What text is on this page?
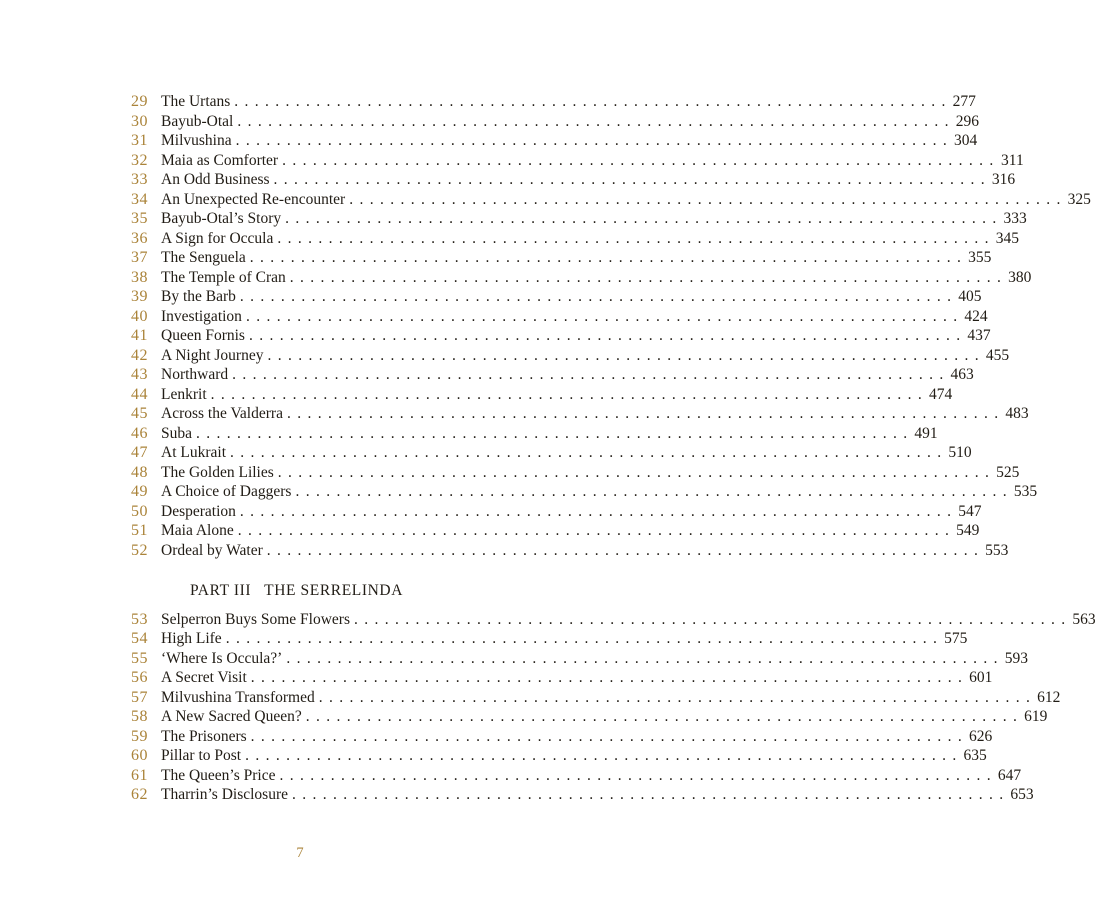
29 The Urtans . . . . . . . . . . . . . . . . . . . . . . . . . . . . . . . . . . . . . . . . . . . . . . . . . . . . . . . . . . . . . . . . . . . . . . 277
30 Bayub-Otal . . . . . . . . . . . . . . . . . . . . . . . . . . . . . . . . . . . . . . . . . . . . . . . . . . . . . . . . . . . . . . . . . . . . . . 296
31 Milvushina . . . . . . . . . . . . . . . . . . . . . . . . . . . . . . . . . . . . . . . . . . . . . . . . . . . . . . . . . . . . . . . . . . . . . . 304
32 Maia as Comforter . . . . . . . . . . . . . . . . . . . . . . . . . . . . . . . . . . . . . . . . . . . . . . . . . . . . . . . . . . . . . . . . . . . . . . 311
33 An Odd Business . . . . . . . . . . . . . . . . . . . . . . . . . . . . . . . . . . . . . . . . . . . . . . . . . . . . . . . . . . . . . . . . . . . . . . 316
34 An Unexpected Re-encounter . . . . . . . . . . . . . . . . . . . . . . . . . . . . . . . . . . . . . . . . . . . . . . . . . . . . . . . . . . . . . . . . . . . . . . 325
35 Bayub-Otal’s Story . . . . . . . . . . . . . . . . . . . . . . . . . . . . . . . . . . . . . . . . . . . . . . . . . . . . . . . . . . . . . . . . . . . . . . 333
36 A Sign for Occula . . . . . . . . . . . . . . . . . . . . . . . . . . . . . . . . . . . . . . . . . . . . . . . . . . . . . . . . . . . . . . . . . . . . . . 345
37 The Senguela . . . . . . . . . . . . . . . . . . . . . . . . . . . . . . . . . . . . . . . . . . . . . . . . . . . . . . . . . . . . . . . . . . . . . . 355
38 The Temple of Cran . . . . . . . . . . . . . . . . . . . . . . . . . . . . . . . . . . . . . . . . . . . . . . . . . . . . . . . . . . . . . . . . . . . . . . 380
39 By the Barb . . . . . . . . . . . . . . . . . . . . . . . . . . . . . . . . . . . . . . . . . . . . . . . . . . . . . . . . . . . . . . . . . . . . . . 405
40 Investigation . . . . . . . . . . . . . . . . . . . . . . . . . . . . . . . . . . . . . . . . . . . . . . . . . . . . . . . . . . . . . . . . . . . . . . 424
41 Queen Fornis . . . . . . . . . . . . . . . . . . . . . . . . . . . . . . . . . . . . . . . . . . . . . . . . . . . . . . . . . . . . . . . . . . . . . . 437
42 A Night Journey . . . . . . . . . . . . . . . . . . . . . . . . . . . . . . . . . . . . . . . . . . . . . . . . . . . . . . . . . . . . . . . . . . . . . . 455
43 Northward . . . . . . . . . . . . . . . . . . . . . . . . . . . . . . . . . . . . . . . . . . . . . . . . . . . . . . . . . . . . . . . . . . . . . . 463
44 Lenkrit . . . . . . . . . . . . . . . . . . . . . . . . . . . . . . . . . . . . . . . . . . . . . . . . . . . . . . . . . . . . . . . . . . . . . . 474
45 Across the Valderra . . . . . . . . . . . . . . . . . . . . . . . . . . . . . . . . . . . . . . . . . . . . . . . . . . . . . . . . . . . . . . . . . . . . . . 483
46 Suba . . . . . . . . . . . . . . . . . . . . . . . . . . . . . . . . . . . . . . . . . . . . . . . . . . . . . . . . . . . . . . . . . . . . . . 491
47 At Lukrait . . . . . . . . . . . . . . . . . . . . . . . . . . . . . . . . . . . . . . . . . . . . . . . . . . . . . . . . . . . . . . . . . . . . . . 510
48 The Golden Lilies . . . . . . . . . . . . . . . . . . . . . . . . . . . . . . . . . . . . . . . . . . . . . . . . . . . . . . . . . . . . . . . . . . . . . . 525
49 A Choice of Daggers . . . . . . . . . . . . . . . . . . . . . . . . . . . . . . . . . . . . . . . . . . . . . . . . . . . . . . . . . . . . . . . . . . . . . . 535
50 Desperation . . . . . . . . . . . . . . . . . . . . . . . . . . . . . . . . . . . . . . . . . . . . . . . . . . . . . . . . . . . . . . . . . . . . . . 547
51 Maia Alone . . . . . . . . . . . . . . . . . . . . . . . . . . . . . . . . . . . . . . . . . . . . . . . . . . . . . . . . . . . . . . . . . . . . . . 549
52 Ordeal by Water . . . . . . . . . . . . . . . . . . . . . . . . . . . . . . . . . . . . . . . . . . . . . . . . . . . . . . . . . . . . . . . . . . . . . . 553
PART III THE SERRELINDA
53 Selperron Buys Some Flowers . . . . . . . . . . . . . . . . . . . . . . . . . . . . . . . . . . . . . . . . . . . . . . . . . . . . . . . . . . . . . . . . . . . . . . 563
54 High Life . . . . . . . . . . . . . . . . . . . . . . . . . . . . . . . . . . . . . . . . . . . . . . . . . . . . . . . . . . . . . . . . . . . . . . 575
55 ‘Where Is Occula?’ . . . . . . . . . . . . . . . . . . . . . . . . . . . . . . . . . . . . . . . . . . . . . . . . . . . . . . . . . . . . . . . . . . . . . . 593
56 A Secret Visit . . . . . . . . . . . . . . . . . . . . . . . . . . . . . . . . . . . . . . . . . . . . . . . . . . . . . . . . . . . . . . . . . . . . . . 601
57 Milvushina Transformed . . . . . . . . . . . . . . . . . . . . . . . . . . . . . . . . . . . . . . . . . . . . . . . . . . . . . . . . . . . . . . . . . . . . . . 612
58 A New Sacred Queen? . . . . . . . . . . . . . . . . . . . . . . . . . . . . . . . . . . . . . . . . . . . . . . . . . . . . . . . . . . . . . . . . . . . . . . 619
59 The Prisoners . . . . . . . . . . . . . . . . . . . . . . . . . . . . . . . . . . . . . . . . . . . . . . . . . . . . . . . . . . . . . . . . . . . . . . 626
60 Pillar to Post . . . . . . . . . . . . . . . . . . . . . . . . . . . . . . . . . . . . . . . . . . . . . . . . . . . . . . . . . . . . . . . . . . . . . . 635
61 The Queen’s Price . . . . . . . . . . . . . . . . . . . . . . . . . . . . . . . . . . . . . . . . . . . . . . . . . . . . . . . . . . . . . . . . . . . . . . 647
62 Tharrin’s Disclosure . . . . . . . . . . . . . . . . . . . . . . . . . . . . . . . . . . . . . . . . . . . . . . . . . . . . . . . . . . . . . . . . . . . . . . 653
7
